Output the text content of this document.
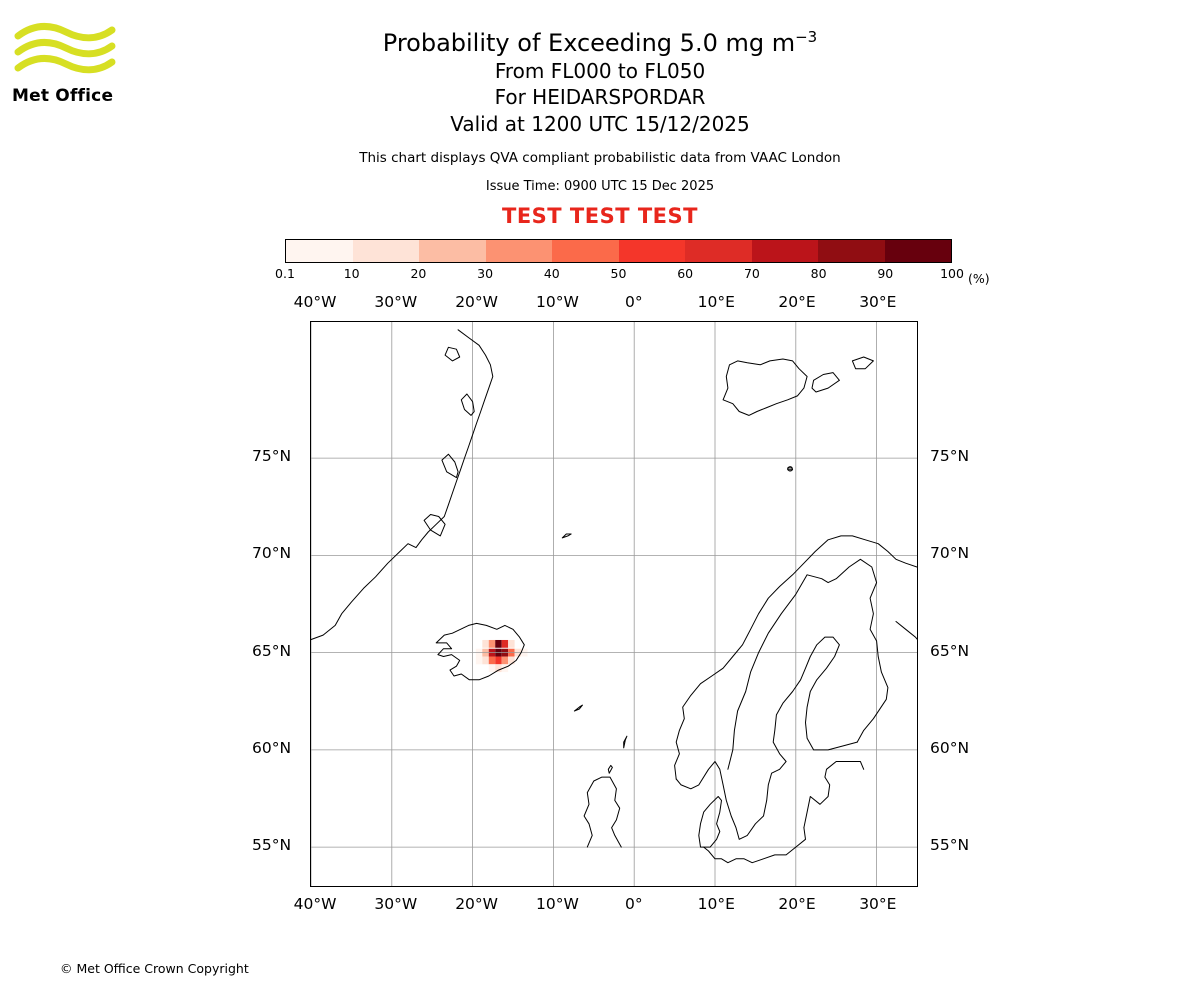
Met Office
Probability of Exceeding 5.0 mg $m^{-3}$
From FL000 to FL050
For HEIDARSPORDAR
Valid at 1200 UTC 15/12/2025
This chart displays QVA compliant probabilistic data from VAAC London
Issue Time: 0900 UTC 15 Dec 2025
TEST TEST TEST
0.1	10	20	30	40	50	60	70	80	90	100 (%)
40°W
40°W
30°W
30°W
20°W
20°W
10°W
10°W
0°
0°
10°E
10°E
20°E
20°E
30°E
30°E
55°N	55°N
60°N	60°N
65°N	65°N
70°N	70°N
75°N	75°N
© Met Office Crown Copyright
